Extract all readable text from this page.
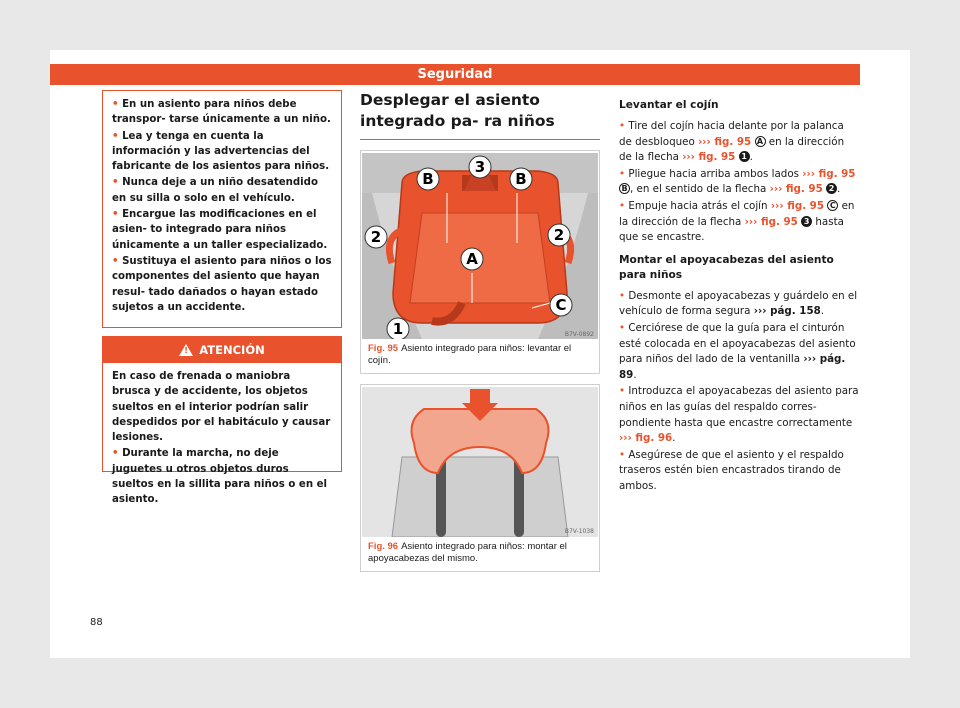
Seguridad

• En un asiento para niños debe transpor- tarse únicamente a un niño.

• Lea y tenga en cuenta la información y las advertencias del fabricante de los asientos para niños.

• Nunca deje a un niño desatendido en su silla o solo en el vehículo.

• Encargue las modificaciones en el asien- to integrado para niños únicamente a un taller especializado.

• Sustituya el asiento para niños o los componentes del asiento que hayan resul- tado dañados o hayan estado sujetos a un accidente.

!
ATENCIÓN

En caso de frenada o maniobra brusca y de accidente, los objetos sueltos en el interior podrían salir despedidos por el habitáculo y causar lesiones.

• Durante la marcha, no deje juguetes u otros objetos duros sueltos en la sillita para niños o en el asiento.

Desplegar el asiento integrado pa- ra niños
3
B	B
2	2
A
C
1	B7V-0892
Fig. 95 Asiento integrado para niños: levantar el cojín.
B7V-1038
Fig. 96 Asiento integrado para niños: montar el apoyacabezas del mismo.
Levantar el cojín

• Tire del cojín hacia delante por la palanca de desbloqueo ››› fig. 95 A en la dirección de la flecha ››› fig. 95 1 .

• Pliegue hacia arriba ambos lados ››› fig. 95 B , en el sentido de la flecha ››› fig. 95 2 .

• Empuje hacia atrás el cojín ››› fig. 95 C en la dirección de la flecha ››› fig. 95 3 hasta que se encastre.

Montar el apoyacabezas del asiento para niños

• Desmonte el apoyacabezas y guárdelo en el vehículo de forma segura ››› pág. 158.

• Cerciórese de que la guía para el cinturón esté colocada en el apoyacabezas del asiento para niños del lado de la ventanilla ››› pág. 89.

• Introduzca el apoyacabezas del asiento para niños en las guías del respaldo corres- pondiente hasta que encastre correctamente ››› fig. 96.

• Asegúrese de que el asiento y el respaldo traseros estén bien encastrados tirando de ambos.

88
